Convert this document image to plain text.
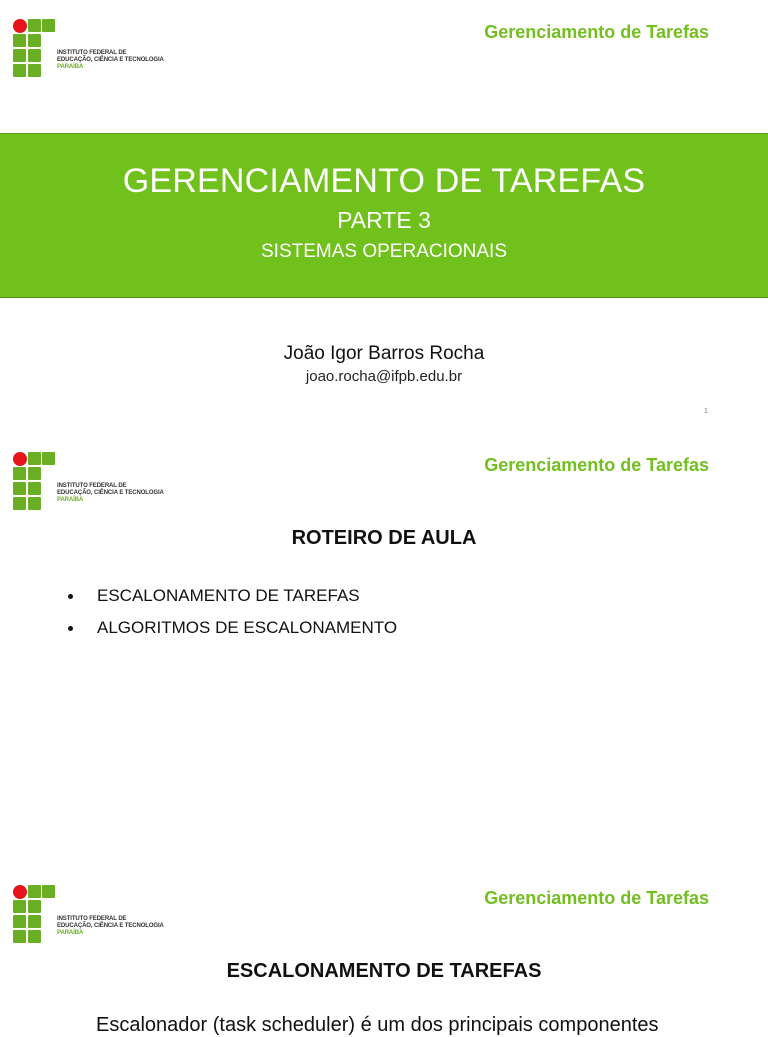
INSTITUTO FEDERAL DE
EDUCAÇÃO, CIÊNCIA E TECNOLOGIA
PARAÍBA
Gerenciamento de Tarefas
GERENCIAMENTO DE TAREFAS
PARTE 3
SISTEMAS OPERACIONAIS
João Igor Barros Rocha
joao.rocha@ifpb.edu.br
1
INSTITUTO FEDERAL DE
EDUCAÇÃO, CIÊNCIA E TECNOLOGIA
PARAÍBA
Gerenciamento de Tarefas
ROTEIRO DE AULA
ESCALONAMENTO DE TAREFAS
ALGORITMOS DE ESCALONAMENTO
INSTITUTO FEDERAL DE
EDUCAÇÃO, CIÊNCIA E TECNOLOGIA
PARAÍBA
Gerenciamento de Tarefas
ESCALONAMENTO DE TAREFAS
Escalonador (task scheduler) é um dos principais componentes
